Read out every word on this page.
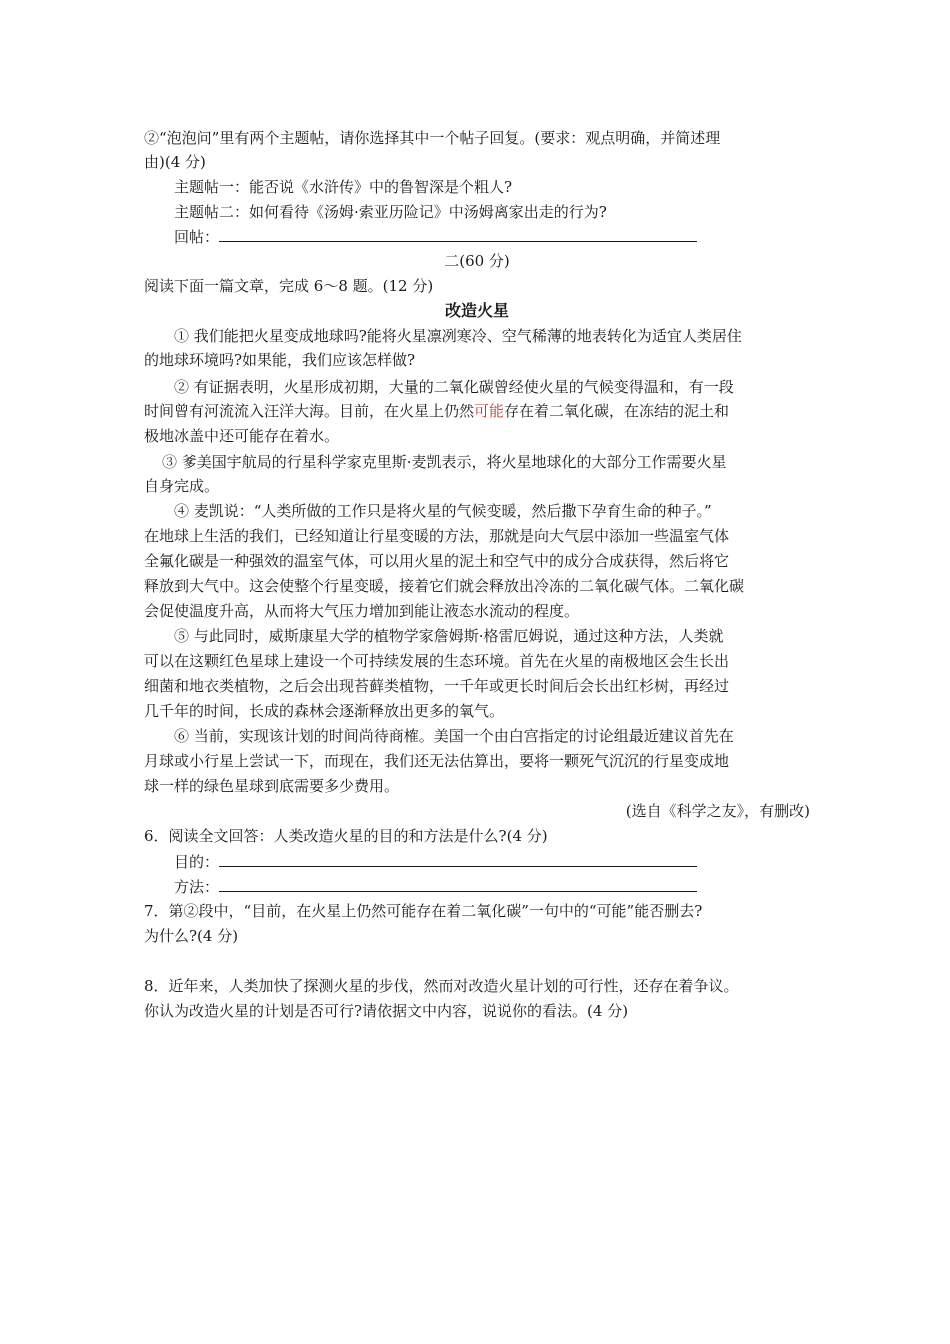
②“泡泡问”里有两个主题帖，请你选择其中一个帖子回复。(要求：观点明确，并简述理
由)(4 分)
主题帖一：能否说《水浒传》中的鲁智深是个粗人?
主题帖二：如何看待《汤姆·索亚历险记》中汤姆离家出走的行为?
回帖：
二(60 分)
阅读下面一篇文章，完成 6～8 题。(12 分)
改造火星
① 我们能把火星变成地球吗?能将火星凛冽寒冷、空气稀薄的地表转化为适宜人类居住
的地球环境吗?如果能，我们应该怎样做?
② 有证据表明，火星形成初期，大量的二氧化碳曾经使火星的气候变得温和，有一段
时间曾有河流流入汪洋大海。目前，在火星上仍然可能存在着二氧化碳，在冻结的泥土和
极地冰盖中还可能存在着水。
③ 爹美国宇航局的行星科学家克里斯·麦凯表示，将火星地球化的大部分工作需要火星
自身完成。
④ 麦凯说：“人类所做的工作只是将火星的气候变暖，然后撒下孕育生命的种子。”
在地球上生活的我们，已经知道让行星变暖的方法，那就是向大气层中添加一些温室气体
全氟化碳是一种强效的温室气体，可以用火星的泥土和空气中的成分合成获得，然后将它
释放到大气中。这会使整个行星变暖，接着它们就会释放出冷冻的二氧化碳气体。二氧化碳
会促使温度升高，从而将大气压力增加到能让液态水流动的程度。
⑤ 与此同时，威斯康星大学的植物学家詹姆斯·格雷厄姆说，通过这种方法，人类就
可以在这颗红色星球上建设一个可持续发展的生态环境。首先在火星的南极地区会生长出
细菌和地衣类植物，之后会出现苔藓类植物，一千年或更长时间后会长出红杉树，再经过
几千年的时间，长成的森林会逐渐释放出更多的氧气。
⑥ 当前，实现该计划的时间尚待商榷。美国一个由白宫指定的讨论组最近建议首先在
月球或小行星上尝试一下，而现在，我们还无法估算出，要将一颗死气沉沉的行星变成地
球一样的绿色星球到底需要多少费用。
(选自《科学之友》，有删改)
6．阅读全文回答：人类改造火星的目的和方法是什么?(4 分)
目的：
方法：
7．第②段中，“目前，在火星上仍然可能存在着二氧化碳”一句中的“可能”能否删去?
为什么?(4 分)
8．近年来，人类加快了探测火星的步伐，然而对改造火星计划的可行性，还存在着争议。
你认为改造火星的计划是否可行?请依据文中内容，说说你的看法。(4 分)
